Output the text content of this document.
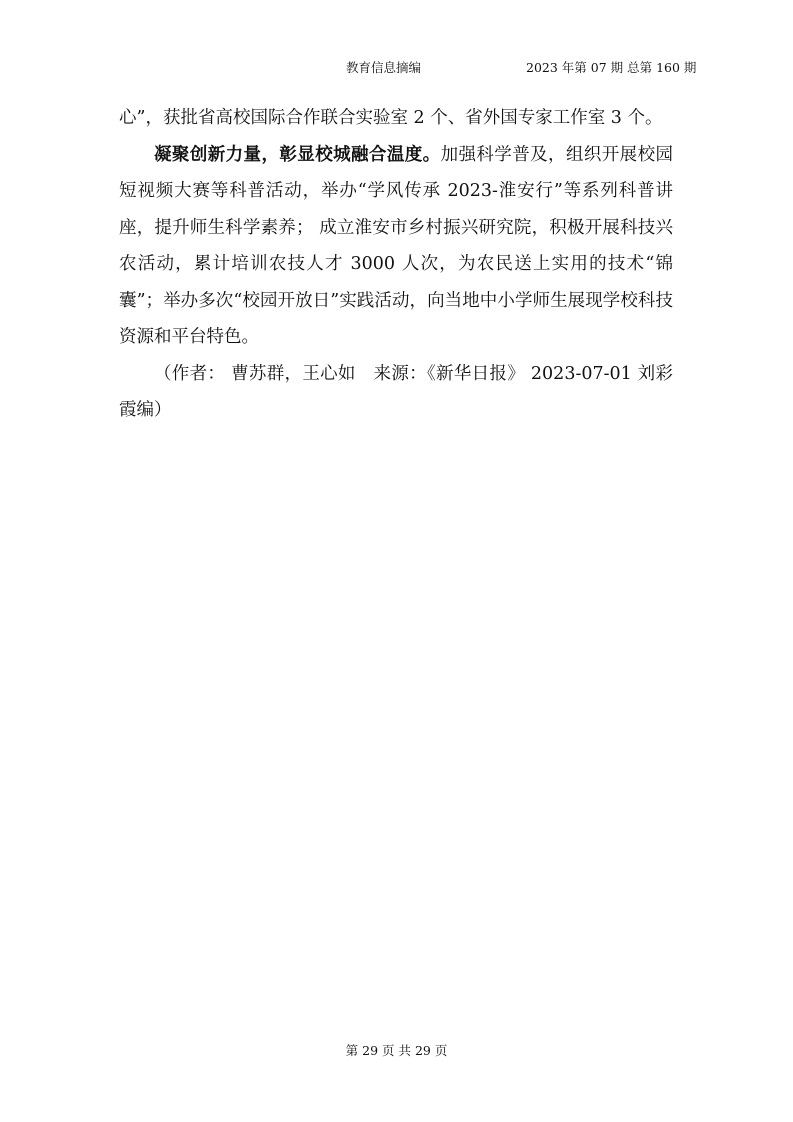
教育信息摘编	2023 年第 07 期 总第 160 期

心”，获批省高校国际合作联合实验室 2 个、省外国专家工作室 3 个。

凝聚创新力量，彰显校城融合温度。加强科学普及，组织开展校园短视频大赛等科普活动，举办“学风传承 2023-淮安行”等系列科普讲座，提升师生科学素养； 成立淮安市乡村振兴研究院，积极开展科技兴农活动，累计培训农技人才 3000 人次，为农民送上实用的技术“锦囊”；举办多次“校园开放日”实践活动，向当地中小学师生展现学校科技资源和平台特色。

（作者： 曹苏群，王心如　来源：《新华日报》 2023-07-01 刘彩霞编）

第 29 页 共 29 页
